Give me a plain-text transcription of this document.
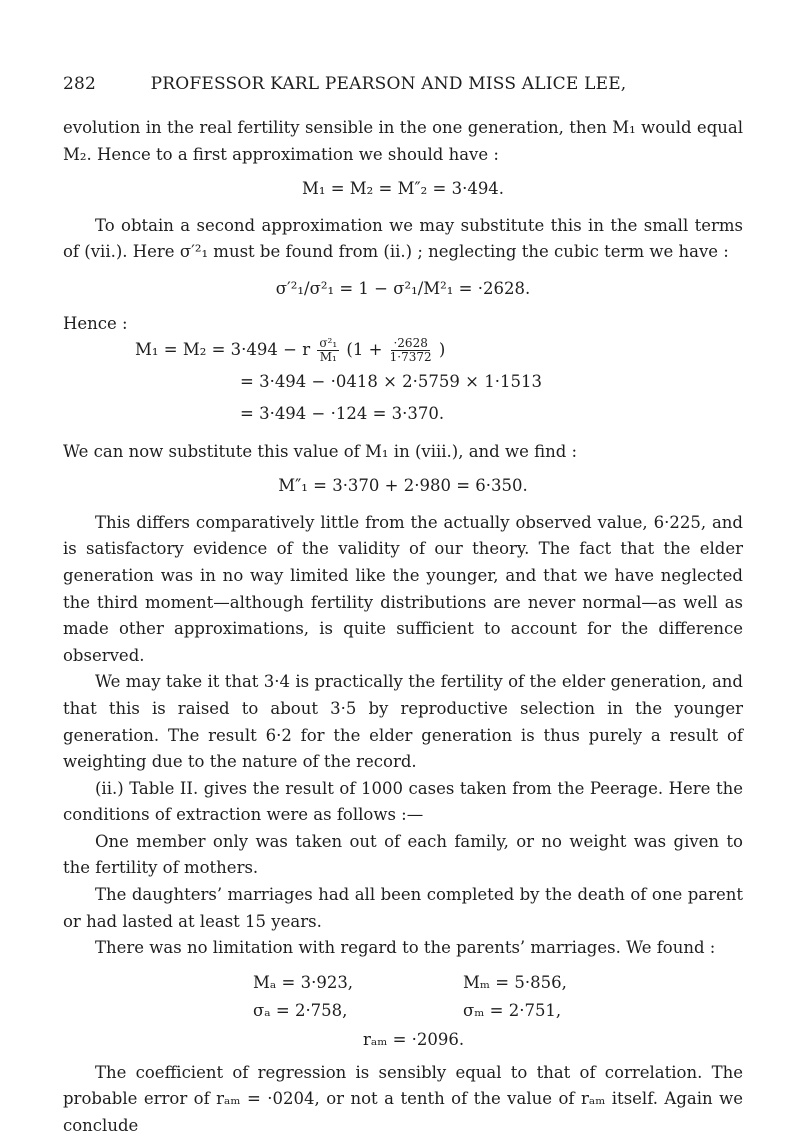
282	PROFESSOR KARL PEARSON AND MISS ALICE LEE,

evolution in the real fertility sensible in the one generation, then M₁ would equal M₂. Hence to a first approximation we should have :

M₁ = M₂ = M″₂ = 3·494.

To obtain a second approximation we may substitute this in the small terms of (vii.). Here σ′²₁ must be found from (ii.) ; neglecting the cubic term we have :

σ′²₁/σ²₁ = 1 − σ²₁/M²₁ = ·2628.
Hence :
M₁ = M₂ = 3·494 − r $\frac{\text{σ²₁}}{\text{M₁}} (1 + \frac{\cdot 2628}{1\cdot 7372}$ )
= 3·494 − ·0418 × 2·5759 × 1·1513
= 3·494 − ·124 = 3·370.

We can now substitute this value of M₁ in (viii.), and we find :

M″₁ = 3·370 + 2·980 = 6·350.

This differs comparatively little from the actually observed value, 6·225, and is satisfactory evidence of the validity of our theory. The fact that the elder generation was in no way limited like the younger, and that we have neglected the third moment—although fertility distributions are never normal—as well as made other approximations, is quite sufficient to account for the difference observed.

We may take it that 3·4 is practically the fertility of the elder generation, and that this is raised to about 3·5 by reproductive selection in the younger generation. The result 6·2 for the elder generation is thus purely a result of weighting due to the nature of the record.

(ii.) Table II. gives the result of 1000 cases taken from the Peerage. Here the conditions of extraction were as follows :—

One member only was taken out of each family, or no weight was given to the fertility of mothers.

The daughters’ marriages had all been completed by the death of one parent or had lasted at least 15 years.

There was no limitation with regard to the parents’ marriages. We found :

Mₐ = 3·923,	Mₘ = 5·856,
σₐ = 2·758,	σₘ = 2·751,
rₐₘ = ·2096.

The coefficient of regression is sensibly equal to that of correlation. The probable error of rₐₘ = ·0204, or not a tenth of the value of rₐₘ itself. Again we conclude
